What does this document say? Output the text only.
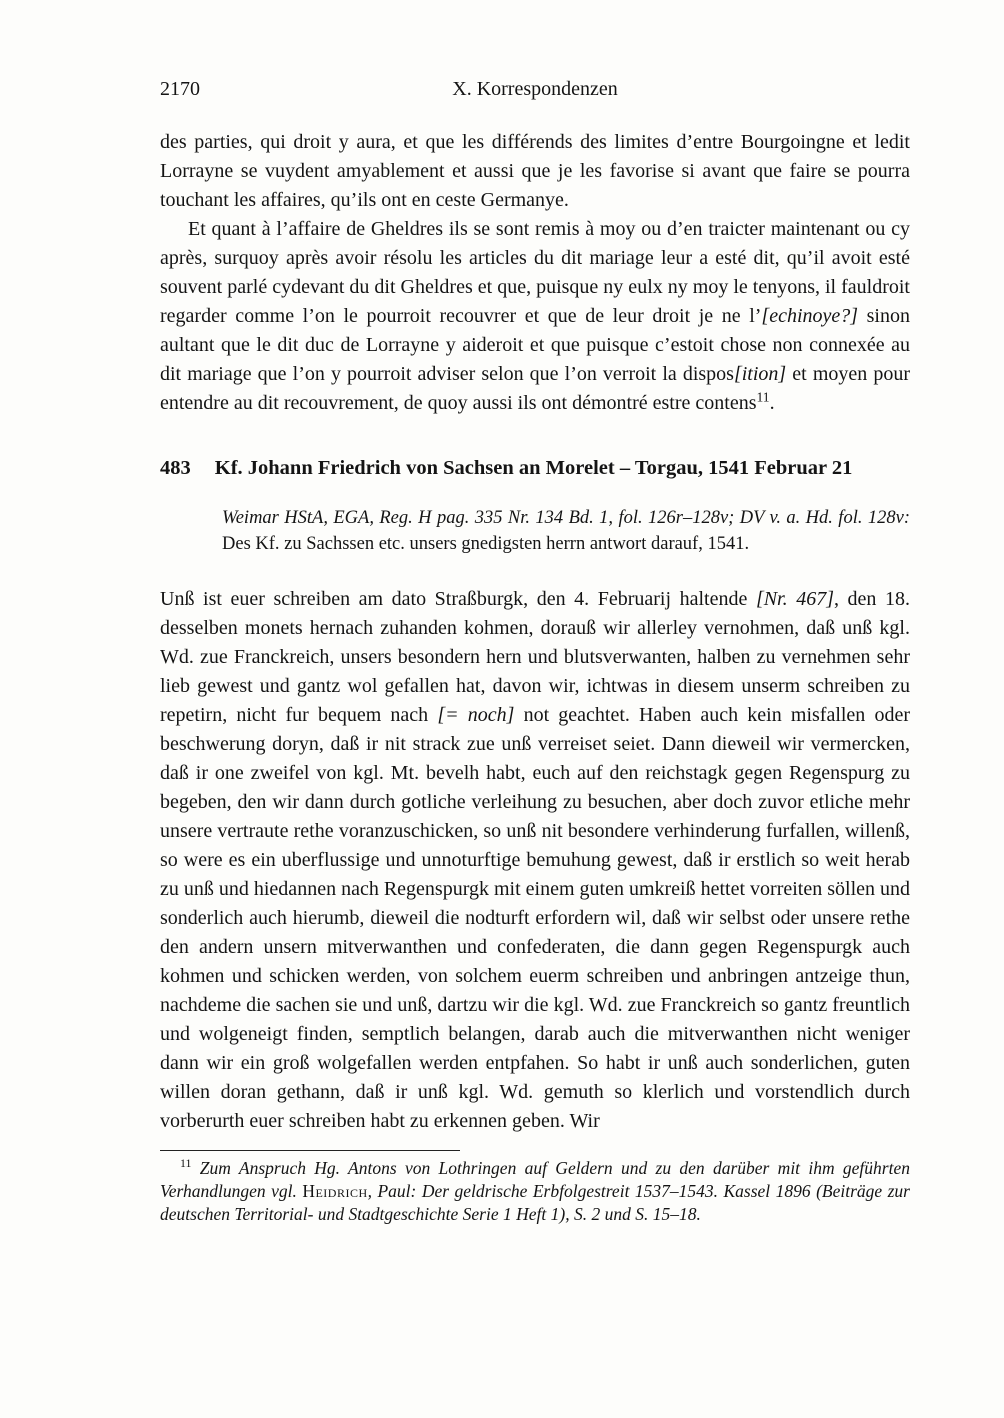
2170	X. Korrespondenzen

des parties, qui droit y aura, et que les différends des limites d’entre Bourgoingne et ledit Lorrayne se vuydent amyablement et aussi que je les favorise si avant que faire se pourra touchant les affaires, qu’ils ont en ceste Germanye.

Et quant à l’affaire de Gheldres ils se sont remis à moy ou d’en traicter maintenant ou cy après, surquoy après avoir résolu les articles du dit mariage leur a esté dit, qu’il avoit esté souvent parlé cydevant du dit Gheldres et que, puisque ny eulx ny moy le tenyons, il fauldroit regarder comme l’on le pourroit recouvrer et que de leur droit je ne l’[echinoye?] sinon aultant que le dit duc de Lorrayne y aideroit et que puisque c’estoit chose non connexée au dit mariage que l’on y pourroit adviser selon que l’on verroit la dispos[ition] et moyen pour entendre au dit recouvrement, de quoy aussi ils ont démontré estre contens$^{11}$.

483 Kf. Johann Friedrich von Sachsen an Morelet – Torgau, 1541 Februar 21

Weimar HStA, EGA, Reg. H pag. 335 Nr. 134 Bd. 1, fol. 126r–128v; DV v. a. Hd. fol. 128v: Des Kf. zu Sachssen etc. unsers gnedigsten herrn antwort darauf, 1541.

Unß ist euer schreiben am dato Straßburgk, den 4. Februarij haltende [Nr. 467], den 18. desselben monets hernach zuhanden kohmen, dorauß wir allerley vernohmen, daß unß kgl. Wd. zue Franckreich, unsers besondern hern und blutsverwanten, halben zu vernehmen sehr lieb gewest und gantz wol gefallen hat, davon wir, ichtwas in diesem unserm schreiben zu repetirn, nicht fur bequem nach [= noch] not geachtet. Haben auch kein misfallen oder beschwerung doryn, daß ir nit strack zue unß verreiset seiet. Dann dieweil wir vermercken, daß ir one zweifel von kgl. Mt. bevelh habt, euch auf den reichstagk gegen Regenspurg zu begeben, den wir dann durch gotliche verleihung zu besuchen, aber doch zuvor etliche mehr unsere vertraute rethe voranzuschicken, so unß nit besondere verhinderung furfallen, willenß, so were es ein uberflussige und unnoturftige bemuhung gewest, daß ir erstlich so weit herab zu unß und hiedannen nach Regenspurgk mit einem guten umkreiß hettet vorreiten söllen und sonderlich auch hierumb, dieweil die nodturft erfordern wil, daß wir selbst oder unsere rethe den andern unsern mitverwanthen und confederaten, die dann gegen Regenspurgk auch kohmen und schicken werden, von solchem euerm schreiben und anbringen antzeige thun, nachdeme die sachen sie und unß, dartzu wir die kgl. Wd. zue Franckreich so gantz freuntlich und wolgeneigt finden, semptlich belangen, darab auch die mitverwanthen nicht weniger dann wir ein groß wolgefallen werden entpfahen. So habt ir unß auch sonderlichen, guten willen doran gethann, daß ir unß kgl. Wd. gemuth so klerlich und vorstendlich durch vorberurth euer schreiben habt zu erkennen geben. Wir

$^{11}$ Zum Anspruch Hg. Antons von Lothringen auf Geldern und zu den darüber mit ihm geführten Verhandlungen vgl. Heidrich, Paul: Der geldrische Erbfolgestreit 1537–1543. Kassel 1896 (Beiträge zur deutschen Territorial- und Stadtgeschichte Serie 1 Heft 1), S. 2 und S. 15–18.
